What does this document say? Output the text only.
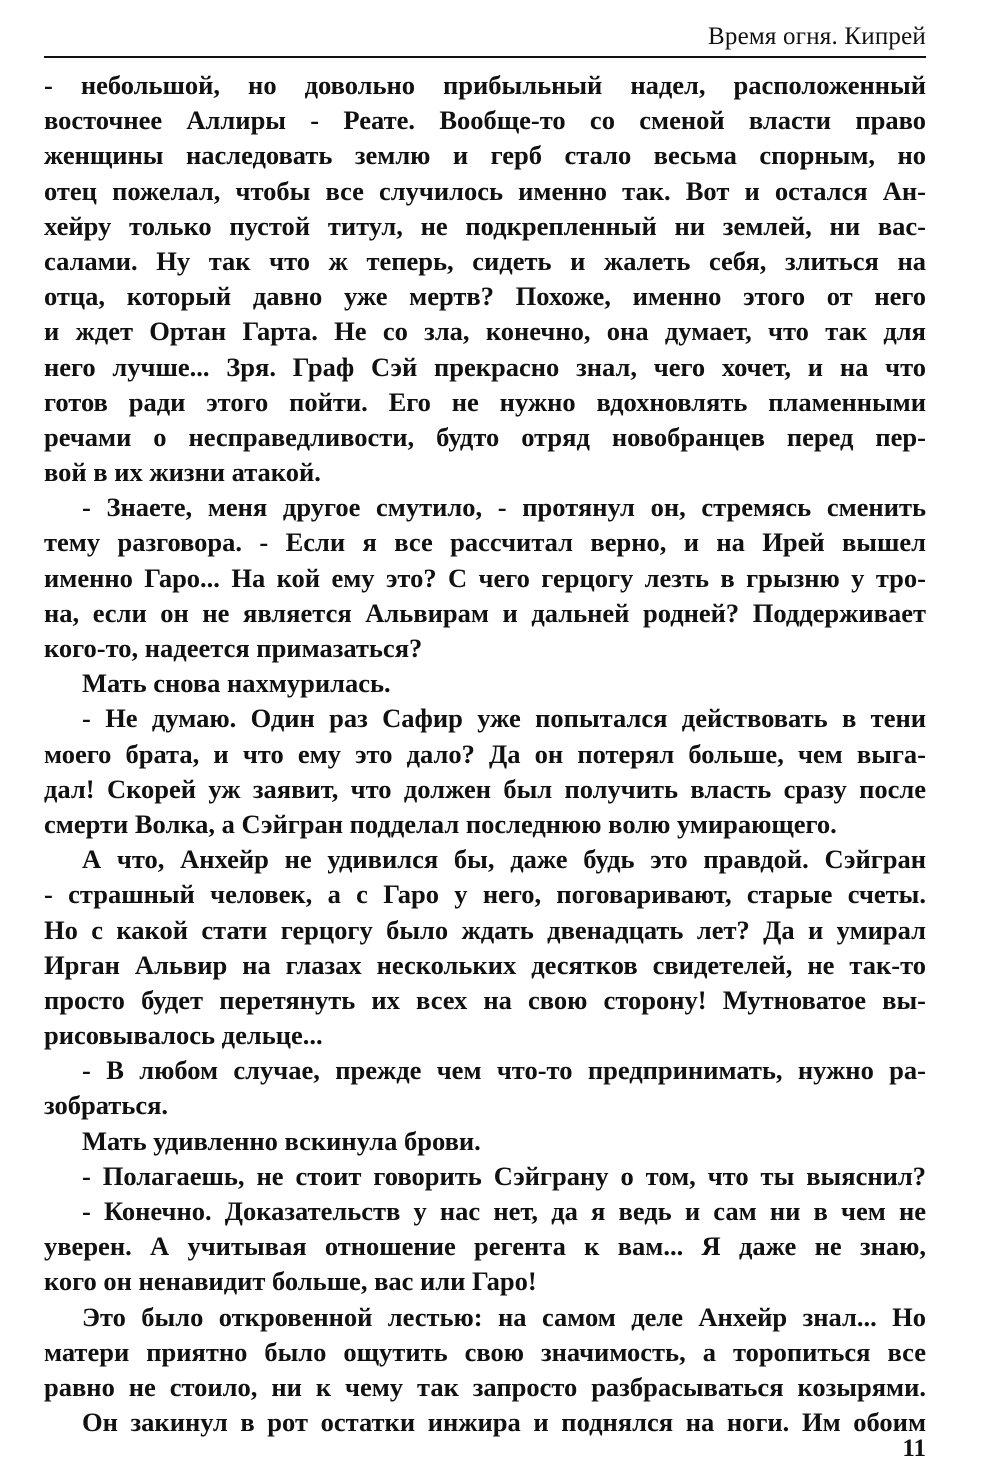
Время огня. Кипрей
- небольшой, но довольно прибыльный надел, расположенный
восточнее Аллиры - Реате. Вообще-то со сменой власти право
женщины наследовать землю и герб стало весьма спорным, но
отец пожелал, чтобы все случилось именно так. Вот и остался Ан-
хейру только пустой титул, не подкрепленный ни землей, ни вас-
салами. Ну так что ж теперь, сидеть и жалеть себя, злиться на
отца, который давно уже мертв? Похоже, именно этого от него
и ждет Ортан Гарта. Не со зла, конечно, она думает, что так для
него лучше... Зря. Граф Сэй прекрасно знал, чего хочет, и на что
готов ради этого пойти. Его не нужно вдохновлять пламенными
речами о несправедливости, будто отряд новобранцев перед пер-
вой в их жизни атакой.
- Знаете, меня другое смутило, - протянул он, стремясь сменить
тему разговора. - Если я все рассчитал верно, и на Ирей вышел
именно Гаро... На кой ему это? С чего герцогу лезть в грызню у тро-
на, если он не является Альвирам и дальней родней? Поддерживает
кого-то, надеется примазаться?
Мать снова нахмурилась.
- Не думаю. Один раз Сафир уже попытался действовать в тени
моего брата, и что ему это дало? Да он потерял больше, чем выга-
дал! Скорей уж заявит, что должен был получить власть сразу после
смерти Волка, а Сэйгран подделал последнюю волю умирающего.
А что, Анхейр не удивился бы, даже будь это правдой. Сэйгран
- страшный человек, а с Гаро у него, поговаривают, старые счеты.
Но с какой стати герцогу было ждать двенадцать лет? Да и умирал
Ирган Альвир на глазах нескольких десятков свидетелей, не так-то
просто будет перетянуть их всех на свою сторону! Мутноватое вы-
рисовывалось дельце...
- В любом случае, прежде чем что-то предпринимать, нужно ра-
зобраться.
Мать удивленно вскинула брови.
- Полагаешь, не стоит говорить Сэйграну о том, что ты выяснил?
- Конечно. Доказательств у нас нет, да я ведь и сам ни в чем не
уверен. А учитывая отношение регента к вам... Я даже не знаю,
кого он ненавидит больше, вас или Гаро!
Это было откровенной лестью: на самом деле Анхейр знал... Но
матери приятно было ощутить свою значимость, а торопиться все
равно не стоило, ни к чему так запросто разбрасываться козырями.
Он закинул в рот остатки инжира и поднялся на ноги. Им обоим
11
